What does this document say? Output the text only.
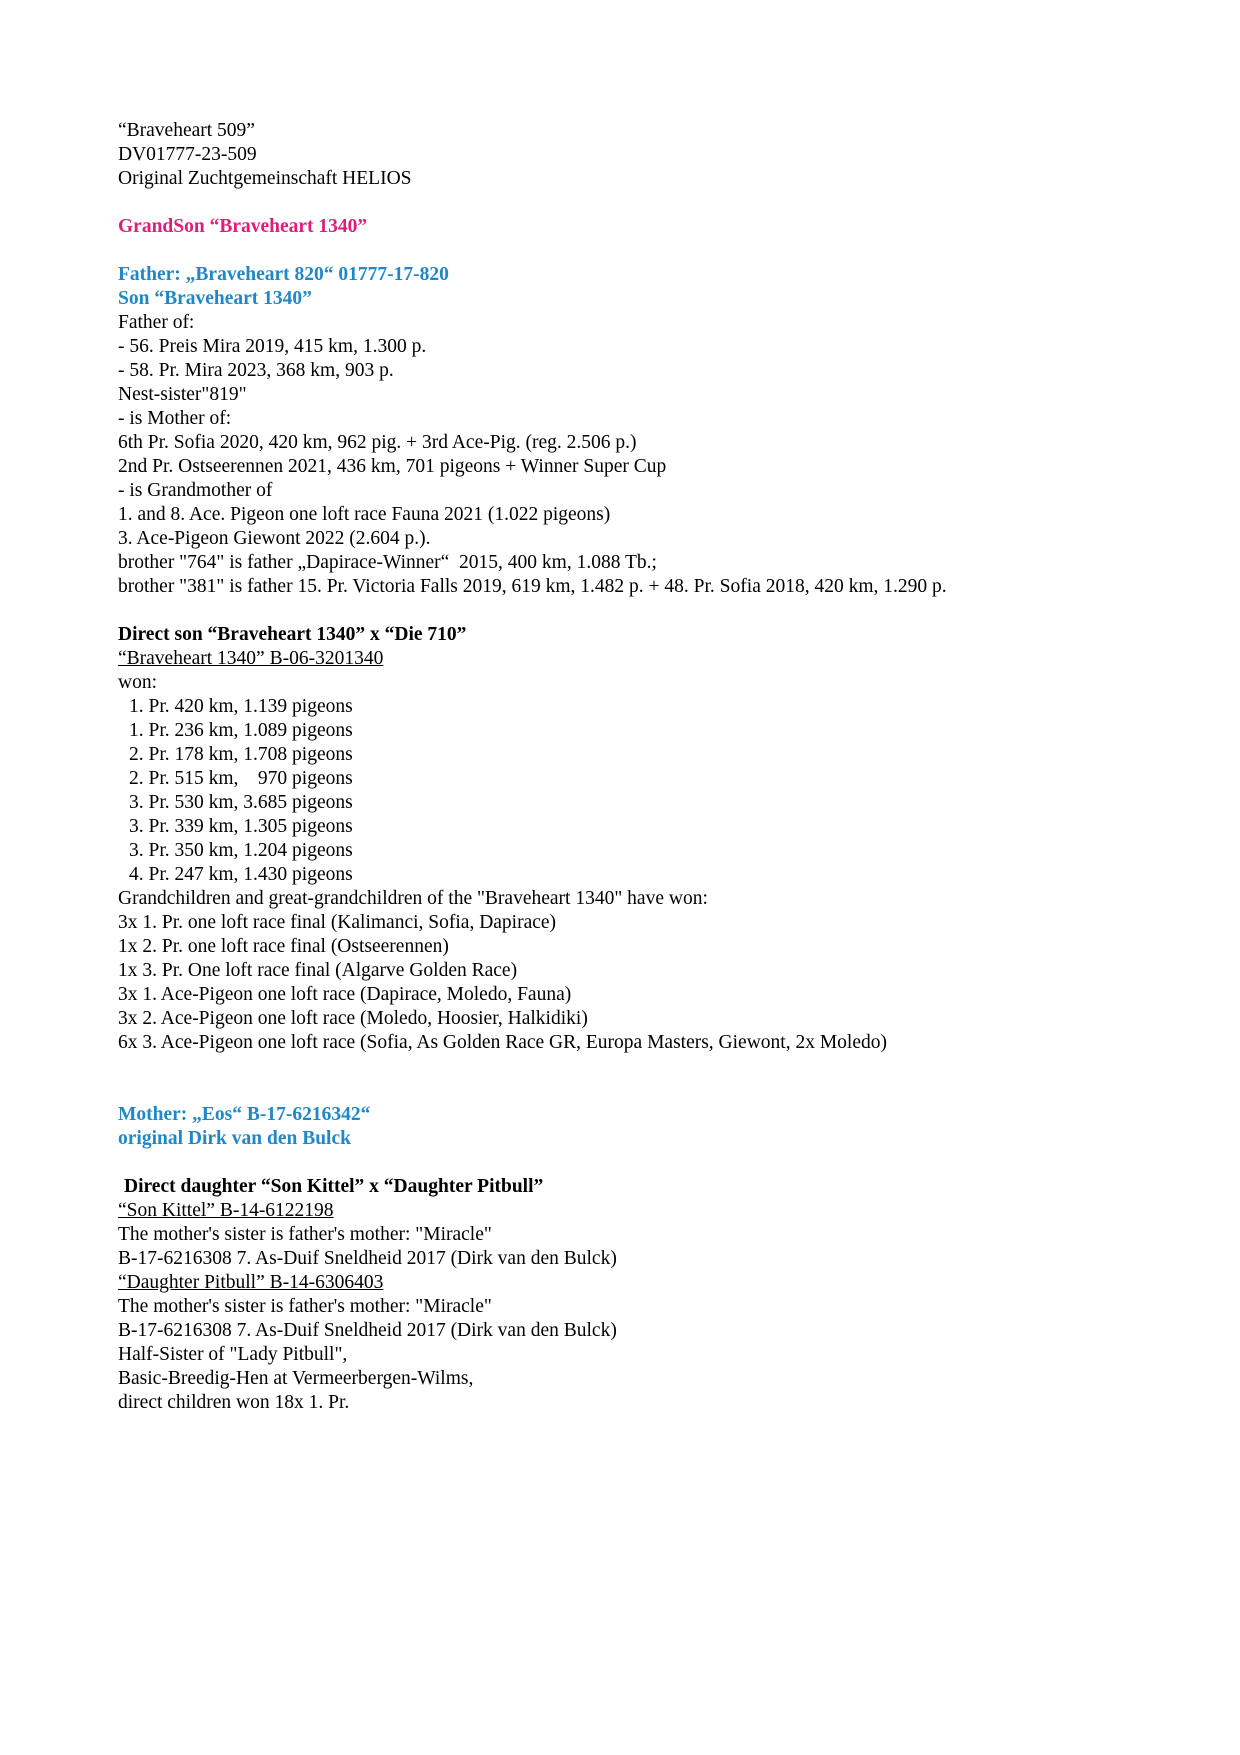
“Braveheart 509”
DV01777-23-509
Original Zuchtgemeinschaft HELIOS
GrandSon “Braveheart 1340”
Father: „Braveheart 820“ 01777-17-820
Son “Braveheart 1340”
Father of:
- 56. Preis Mira 2019, 415 km, 1.300 p.
- 58. Pr. Mira 2023, 368 km, 903 p.
Nest-sister"819"
- is Mother of:
6th Pr. Sofia 2020, 420 km, 962 pig. + 3rd Ace-Pig. (reg. 2.506 p.)
2nd Pr. Ostseerennen 2021, 436 km, 701 pigeons + Winner Super Cup
- is Grandmother of
1. and 8. Ace. Pigeon one loft race Fauna 2021 (1.022 pigeons)
3. Ace-Pigeon Giewont 2022 (2.604 p.).
brother "764" is father „Dapirace-Winner“  2015, 400 km, 1.088 Tb.;
brother "381" is father 15. Pr. Victoria Falls 2019, 619 km, 1.482 p. + 48. Pr. Sofia 2018, 420 km, 1.290 p.
Direct son “Braveheart 1340” x “Die 710”
“Braveheart 1340” B-06-3201340
won:
1. Pr. 420 km, 1.139 pigeons
1. Pr. 236 km, 1.089 pigeons
2. Pr. 178 km, 1.708 pigeons
2. Pr. 515 km,    970 pigeons
3. Pr. 530 km, 3.685 pigeons
3. Pr. 339 km, 1.305 pigeons
3. Pr. 350 km, 1.204 pigeons
4. Pr. 247 km, 1.430 pigeons
Grandchildren and great-grandchildren of the "Braveheart 1340" have won:
3x 1. Pr. one loft race final (Kalimanci, Sofia, Dapirace)
1x 2. Pr. one loft race final (Ostseerennen)
1x 3. Pr. One loft race final (Algarve Golden Race)
3x 1. Ace-Pigeon one loft race (Dapirace, Moledo, Fauna)
3x 2. Ace-Pigeon one loft race (Moledo, Hoosier, Halkidiki)
6x 3. Ace-Pigeon one loft race (Sofia, As Golden Race GR, Europa Masters, Giewont, 2x Moledo)
Mother: „Eos“ B-17-6216342“
original Dirk van den Bulck
Direct daughter “Son Kittel” x “Daughter Pitbull”
“Son Kittel” B-14-6122198
The mother's sister is father's mother: "Miracle"
B-17-6216308 7. As-Duif Sneldheid 2017 (Dirk van den Bulck)
“Daughter Pitbull” B-14-6306403
The mother's sister is father's mother: "Miracle"
B-17-6216308 7. As-Duif Sneldheid 2017 (Dirk van den Bulck)
Half-Sister of "Lady Pitbull",
Basic-Breedig-Hen at Vermeerbergen-Wilms,
direct children won 18x 1. Pr.
